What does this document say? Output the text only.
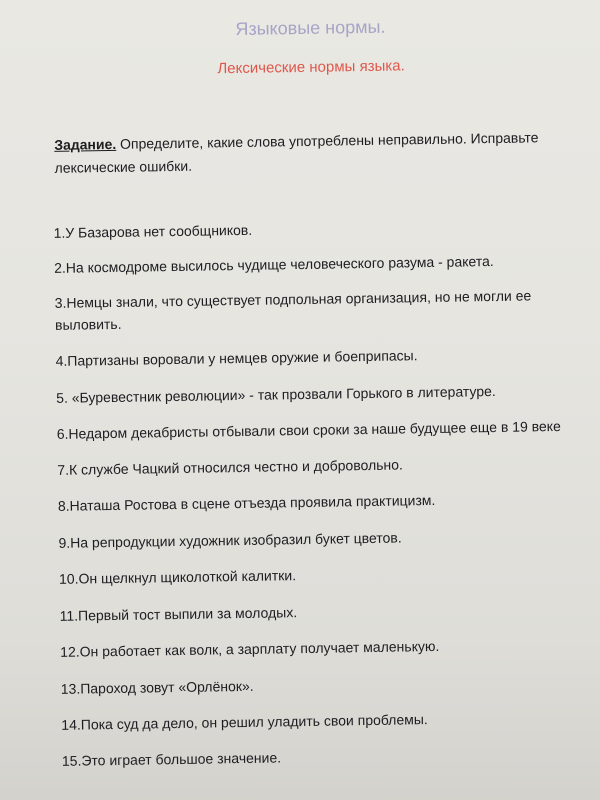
Языковые нормы.
Лексические нормы языка.
Задание. Определите, какие слова употреблены неправильно. Исправьте лексические ошибки.
1.У Базарова нет сообщников.
2.На космодроме высилось чудище человеческого разума - ракета.
3.Немцы знали, что существует подпольная организация, но не могли ее
выловить.
4.Партизаны воровали у немцев оружие и боеприпасы.
5. «Буревестник революции» - так прозвали Горького в литературе.
6.Недаром декабристы отбывали свои сроки за наше будущее еще в 19 веке
7.К службе Чацкий относился честно и добровольно.
8.Наташа Ростова в сцене отъезда проявила практицизм.
9.На репродукции художник изобразил букет цветов.
10.Он щелкнул щиколоткой калитки.
11.Первый тост выпили за молодых.
12.Он работает как волк, а зарплату получает маленькую.
13.Пароход зовут «Орлёнок».
14.Пока суд да дело, он решил уладить свои проблемы.
15.Это играет большое значение.
